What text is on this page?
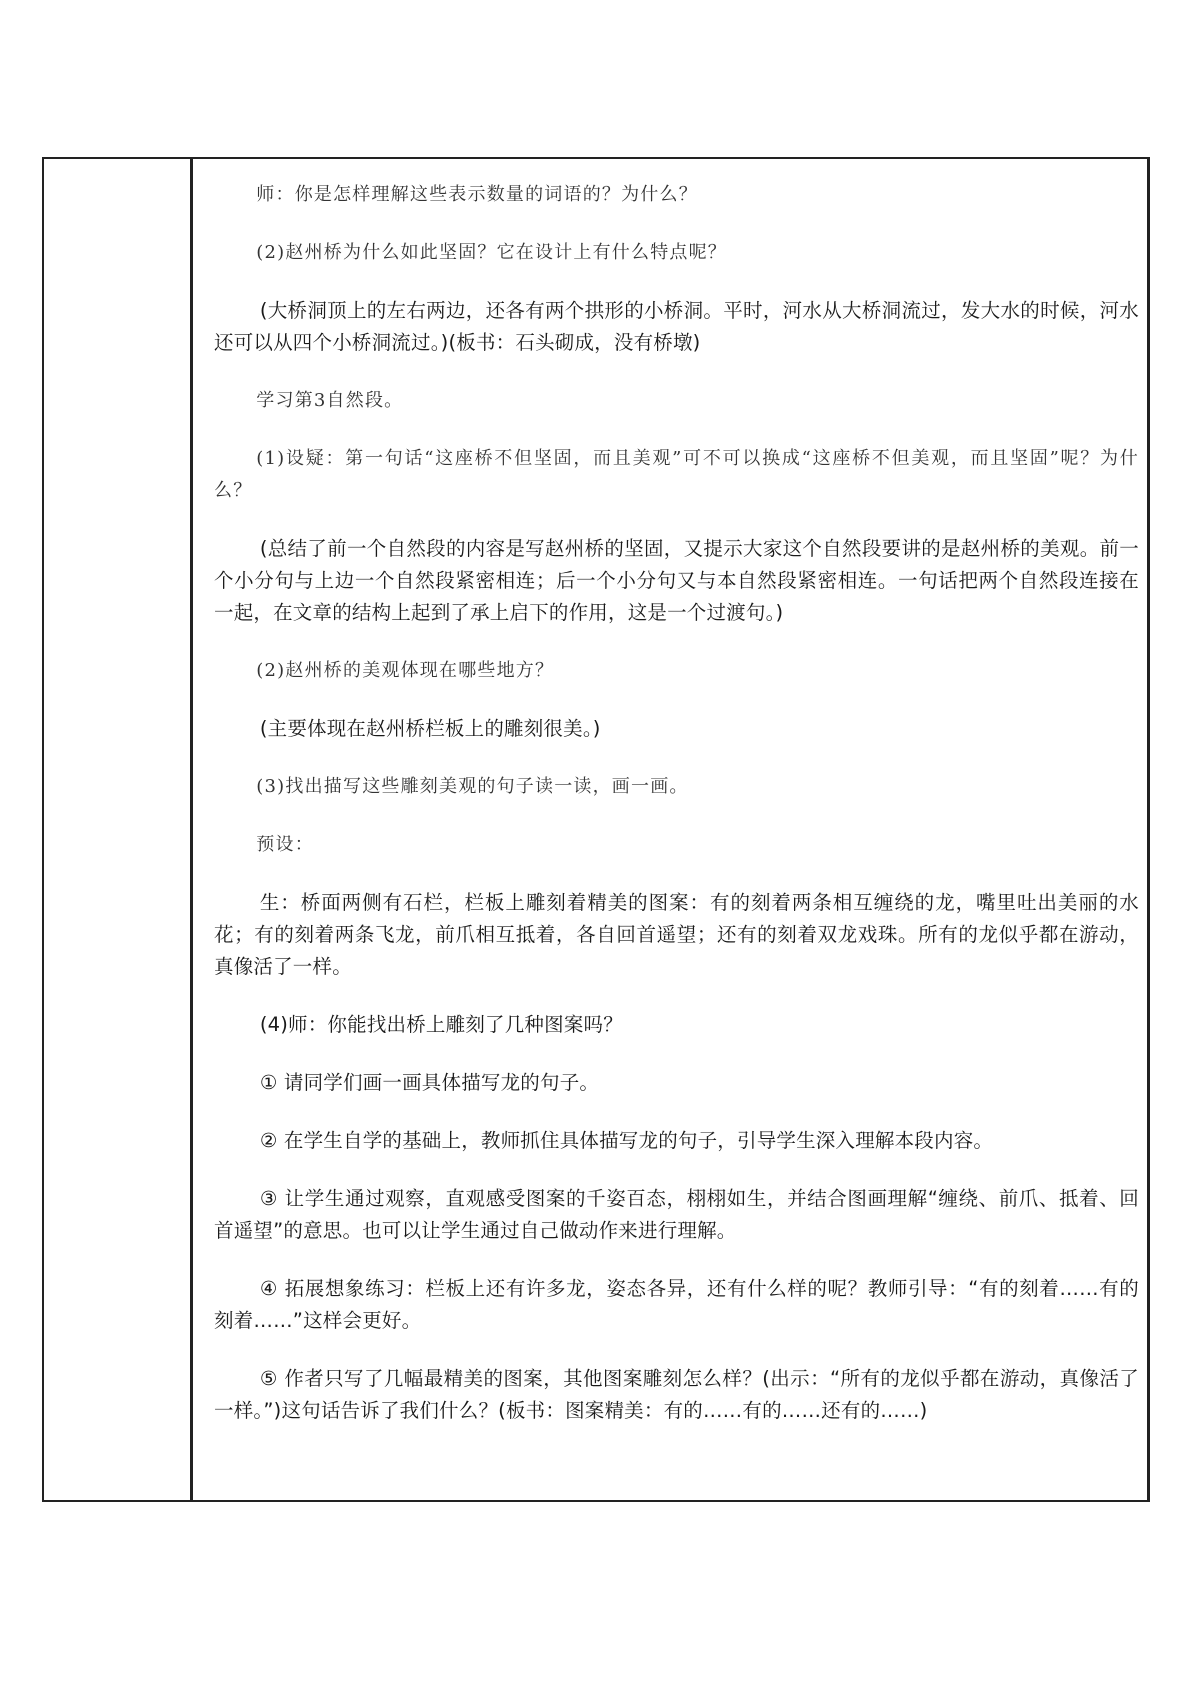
师：你是怎样理解这些表示数量的词语的？为什么？

(2)赵州桥为什么如此坚固？它在设计上有什么特点呢？

(大桥洞顶上的左右两边，还各有两个拱形的小桥洞。平时，河水从大桥洞流过，发大水的时候，河水还可以从四个小桥洞流过。)(板书：石头砌成，没有桥墩)

学习第3自然段。

(1)设疑：第一句话“这座桥不但坚固，而且美观”可不可以换成“这座桥不但美观，而且坚固”呢？为什么？

(总结了前一个自然段的内容是写赵州桥的坚固，又提示大家这个自然段要讲的是赵州桥的美观。前一个小分句与上边一个自然段紧密相连；后一个小分句又与本自然段紧密相连。一句话把两个自然段连接在一起，在文章的结构上起到了承上启下的作用，这是一个过渡句。)

(2)赵州桥的美观体现在哪些地方？

(主要体现在赵州桥栏板上的雕刻很美。)

(3)找出描写这些雕刻美观的句子读一读，画一画。

预设：

生：桥面两侧有石栏，栏板上雕刻着精美的图案：有的刻着两条相互缠绕的龙，嘴里吐出美丽的水花；有的刻着两条飞龙，前爪相互抵着，各自回首遥望；还有的刻着双龙戏珠。所有的龙似乎都在游动，真像活了一样。

(4)师：你能找出桥上雕刻了几种图案吗？

① 请同学们画一画具体描写龙的句子。

② 在学生自学的基础上，教师抓住具体描写龙的句子，引导学生深入理解本段内容。

③ 让学生通过观察，直观感受图案的千姿百态，栩栩如生，并结合图画理解“缠绕、前爪、抵着、回首遥望”的意思。也可以让学生通过自己做动作来进行理解。

④ 拓展想象练习：栏板上还有许多龙，姿态各异，还有什么样的呢？教师引导：“有的刻着……有的刻着……”这样会更好。

⑤ 作者只写了几幅最精美的图案，其他图案雕刻怎么样？(出示：“所有的龙似乎都在游动，真像活了一样。”)这句话告诉了我们什么？(板书：图案精美：有的……有的……还有的……)
